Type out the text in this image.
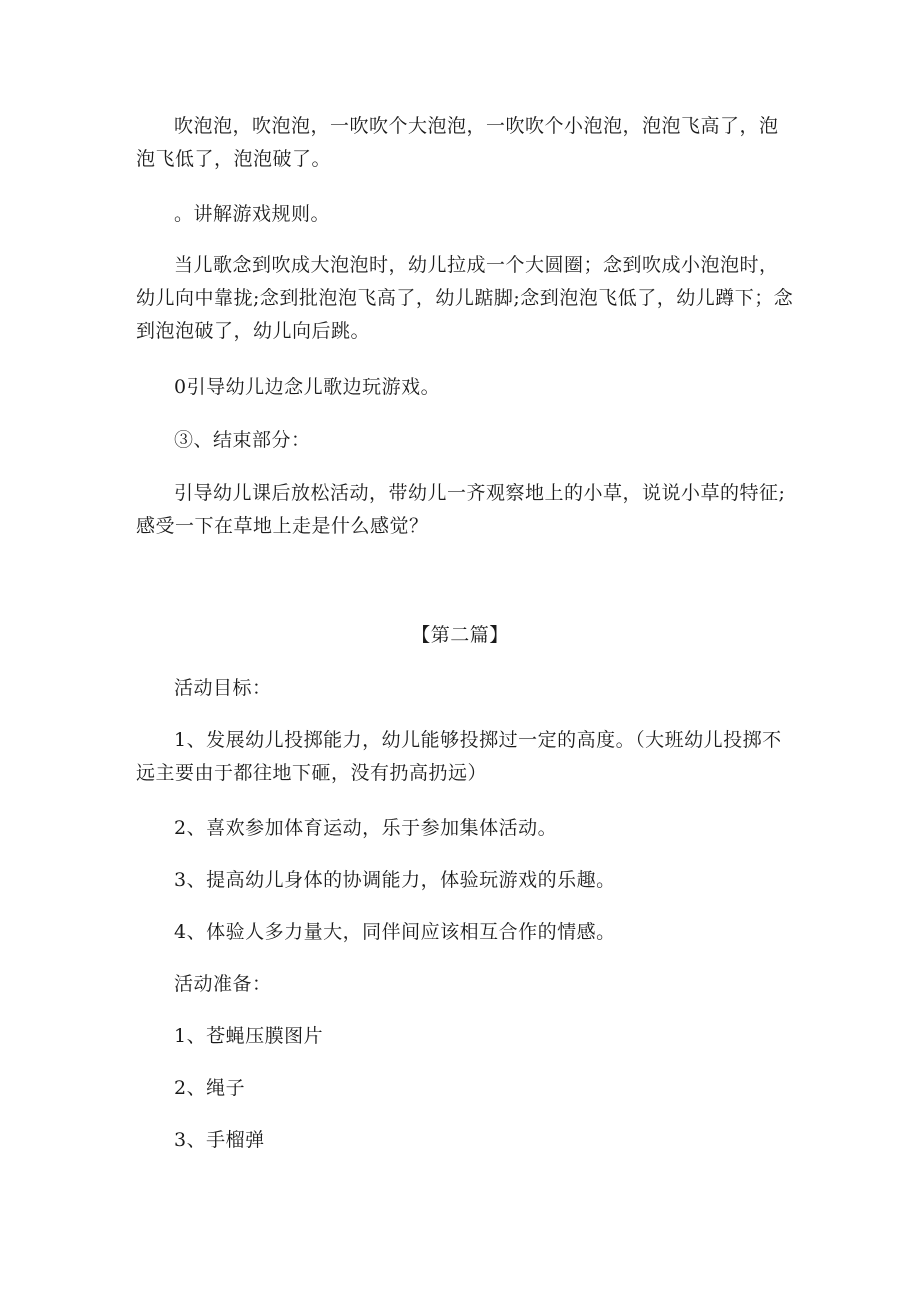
吹泡泡，吹泡泡，一吹吹个大泡泡，一吹吹个小泡泡，泡泡飞高了，泡泡飞低了，泡泡破了。

。讲解游戏规则。

当儿歌念到吹成大泡泡时，幼儿拉成一个大圆圈；念到吹成小泡泡时，幼儿向中靠拢;念到批泡泡飞高了，幼儿踮脚;念到泡泡飞低了，幼儿蹲下；念到泡泡破了，幼儿向后跳。

0引导幼儿边念儿歌边玩游戏。

③、结束部分：

引导幼儿课后放松活动，带幼儿一齐观察地上的小草，说说小草的特征;感受一下在草地上走是什么感觉？

【第二篇】

活动目标：

1、发展幼儿投掷能力，幼儿能够投掷过一定的高度。（大班幼儿投掷不远主要由于都往地下砸，没有扔高扔远）

2、喜欢参加体育运动，乐于参加集体活动。

3、提高幼儿身体的协调能力，体验玩游戏的乐趣。

4、体验人多力量大，同伴间应该相互合作的情感。

活动准备：

1、苍蝇压膜图片

2、绳子

3、手榴弹
